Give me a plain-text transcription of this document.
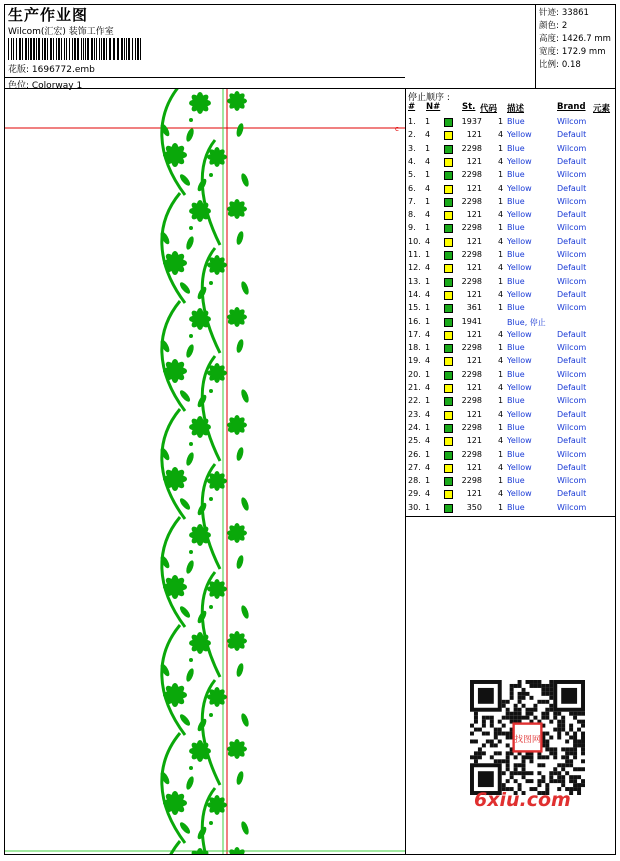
生产作业图
Wilcom(汇宏) 装饰工作室
花版: 1696772.emb
色位: Colorway 1
针迹: 33861
颜色: 2
高度: 1426.7 mm
宽度: 172.9 mm
比例: 0.18
c
停止顺序 :
# N#	St. 代码 描述	Brand 元素
1. 1	1937 1 Blue	Wilcom
2. 4	121 4 Yellow	Default
3. 1	2298 1 Blue	Wilcom
4. 4	121 4 Yellow	Default
5. 1	2298 1 Blue	Wilcom
6. 4	121 4 Yellow	Default
7. 1	2298 1 Blue	Wilcom
8. 4	121 4 Yellow	Default
9. 1	2298 1 Blue	Wilcom
10. 4	121 4 Yellow	Default
11. 1	2298 1 Blue	Wilcom
12. 4	121 4 Yellow	Default
13. 1	2298 1 Blue	Wilcom
14. 4	121 4 Yellow	Default
15. 1	361 1 Blue	Wilcom
16. 1	1941	Blue, 停止
17. 4	121 4 Yellow	Default
18. 1	2298 1 Blue	Wilcom
19. 4	121 4 Yellow	Default
20. 1	2298 1 Blue	Wilcom
21. 4	121 4 Yellow	Default
22. 1	2298 1 Blue	Wilcom
23. 4	121 4 Yellow	Default
24. 1	2298 1 Blue	Wilcom
25. 4	121 4 Yellow	Default
26. 1	2298 1 Blue	Wilcom
27. 4	121 4 Yellow	Default
28. 1	2298 1 Blue	Wilcom
29. 4	121 4 Yellow	Default
30. 1	350 1 Blue	Wilcom
找图网
6xiu.com
